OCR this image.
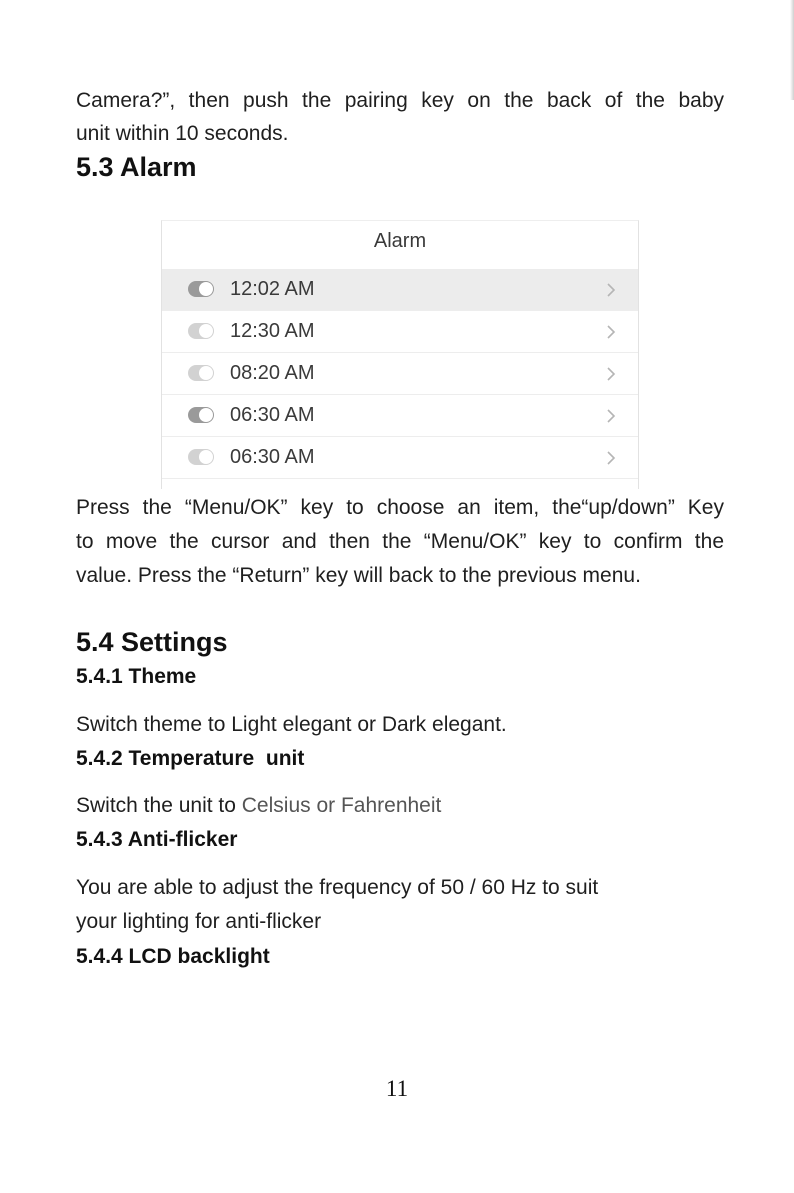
Camera?”, then push the pairing key on the back of the baby

unit within 10 seconds.

5.3 Alarm
Alarm
12:02 AM
12:30 AM
08:20 AM
06:30 AM
06:30 AM

Press the “Menu/OK” key to choose an item, the“up/down” Key

to move the cursor and then the “Menu/OK” key to confirm the

value. Press the “Return” key will back to the previous menu.

5.4 Settings
5.4.1 Theme

Switch theme to Light elegant or Dark elegant.

5.4.2 Temperature  unit

Switch the unit to Celsius or Fahrenheit

5.4.3 Anti-flicker

You are able to adjust the frequency of 50 / 60 Hz to suit

your lighting for anti-flicker

5.4.4 LCD backlight
11
